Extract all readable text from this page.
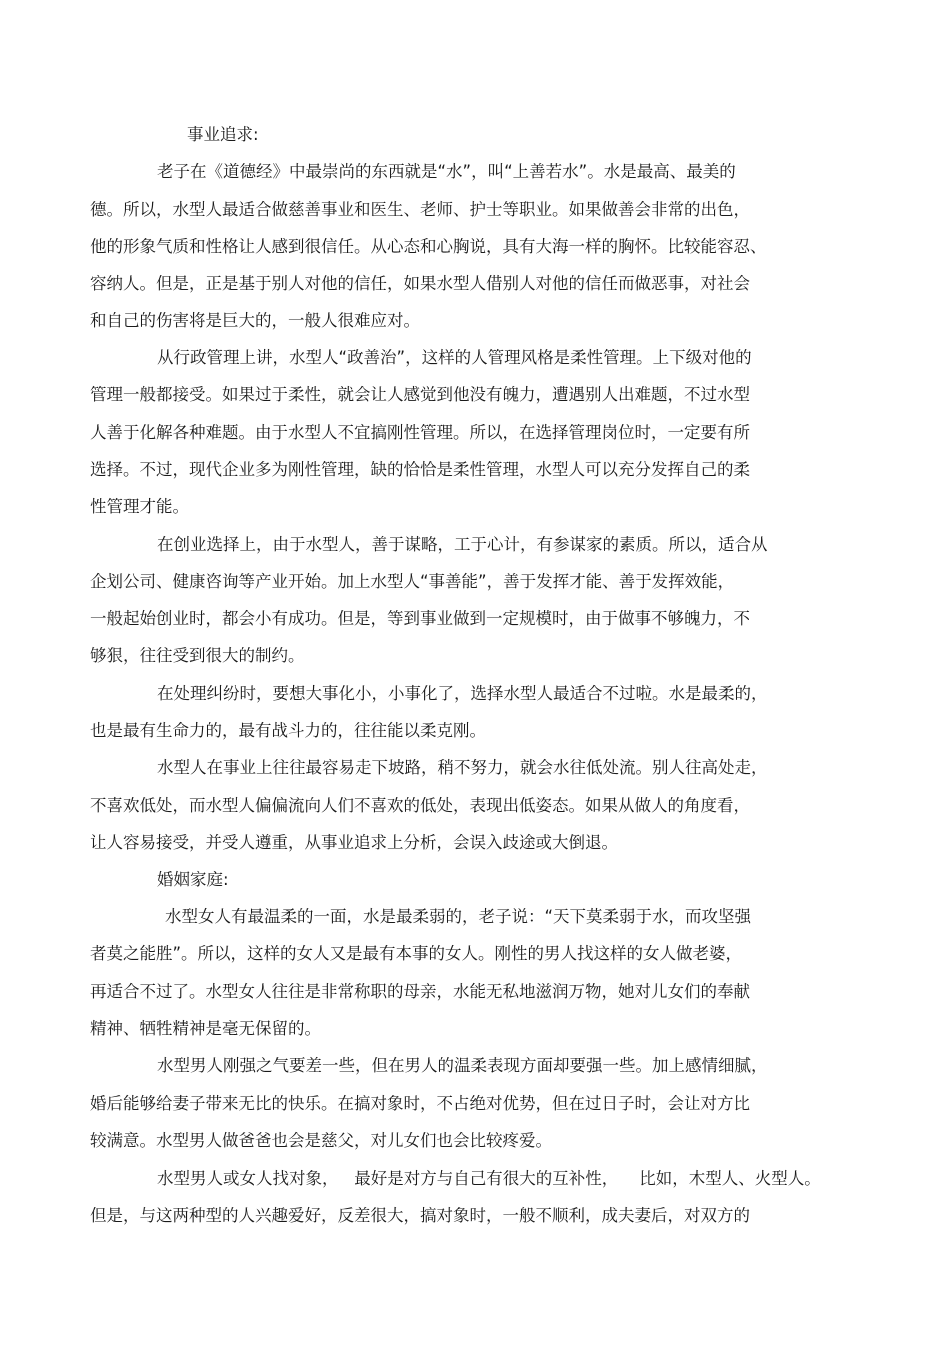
事业追求:
老子在《道德经》中最崇尚的东西就是“水”，叫“上善若水”。水是最高、最美的
德。所以，水型人最适合做慈善事业和医生、老师、护士等职业。如果做善会非常的出色，
他的形象气质和性格让人感到很信任。从心态和心胸说，具有大海一样的胸怀。比较能容忍、
容纳人。但是，正是基于别人对他的信任，如果水型人借别人对他的信任而做恶事，对社会
和自己的伤害将是巨大的，一般人很难应对。
从行政管理上讲，水型人“政善治”，这样的人管理风格是柔性管理。上下级对他的
管理一般都接受。如果过于柔性，就会让人感觉到他没有魄力，遭遇别人出难题，不过水型
人善于化解各种难题。由于水型人不宜搞刚性管理。所以，在选择管理岗位时，一定要有所
选择。不过，现代企业多为刚性管理，缺的恰恰是柔性管理，水型人可以充分发挥自己的柔
性管理才能。
在创业选择上，由于水型人，善于谋略，工于心计，有参谋家的素质。所以，适合从
企划公司、健康咨询等产业开始。加上水型人“事善能”，善于发挥才能、善于发挥效能，
一般起始创业时，都会小有成功。但是，等到事业做到一定规模时，由于做事不够魄力，不
够狠，往往受到很大的制约。
在处理纠纷时，要想大事化小，小事化了，选择水型人最适合不过啦。水是最柔的，
也是最有生命力的，最有战斗力的，往往能以柔克刚。
水型人在事业上往往最容易走下坡路，稍不努力，就会水往低处流。别人往高处走，
不喜欢低处，而水型人偏偏流向人们不喜欢的低处，表现出低姿态。如果从做人的角度看，
让人容易接受，并受人遵重，从事业追求上分析，会误入歧途或大倒退。
婚姻家庭:
水型女人有最温柔的一面，水是最柔弱的，老子说：“天下莫柔弱于水，而攻坚强
者莫之能胜”。所以，这样的女人又是最有本事的女人。刚性的男人找这样的女人做老婆，
再适合不过了。水型女人往往是非常称职的母亲，水能无私地滋润万物，她对儿女们的奉献
精神、牺牲精神是毫无保留的。
水型男人刚强之气要差一些，但在男人的温柔表现方面却要强一些。加上感情细腻，
婚后能够给妻子带来无比的快乐。在搞对象时，不占绝对优势，但在过日子时，会让对方比
较满意。水型男人做爸爸也会是慈父，对儿女们也会比较疼爱。
水型男人或女人找对象，   最好是对方与自己有很大的互补性，    比如，木型人、火型人。
但是，与这两种型的人兴趣爱好，反差很大，搞对象时，一般不顺利，成夫妻后，对双方的
